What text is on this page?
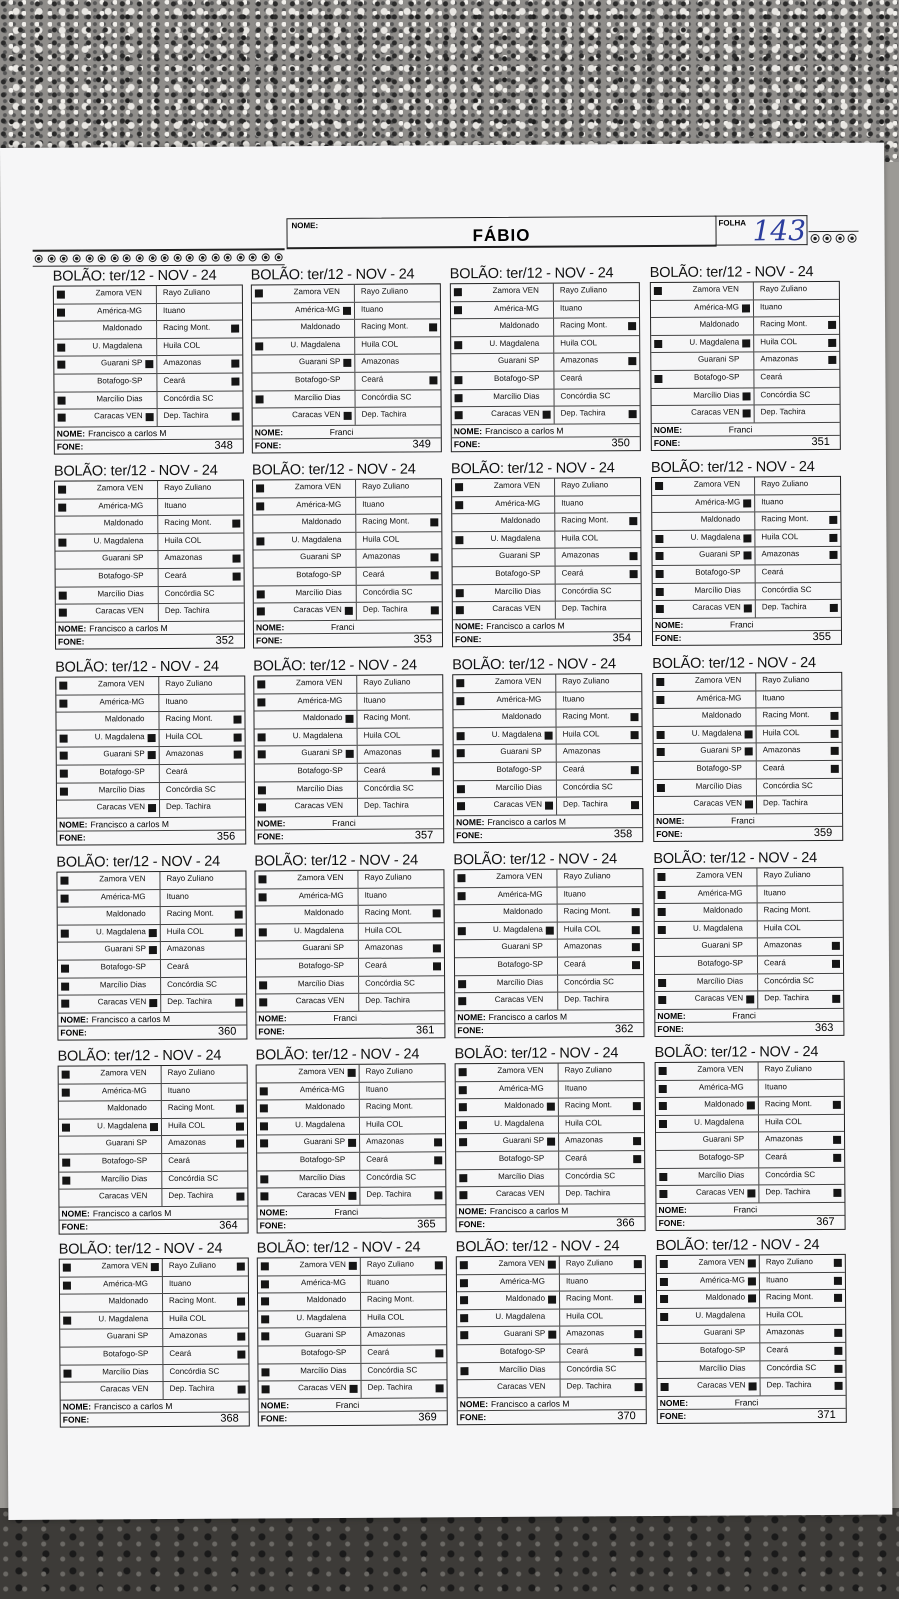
NOME:
FÁBIO
FOLHA 143
BOLÃO: ter/12 - NOV - 24
Zamora VEN	Rayo Zuliano
América-MG	Ituano
Maldonado	Racing Mont.
U. Magdalena	Huila COL
Guarani SP	Amazonas
Botafogo-SP	Ceará
Marcílio Dias	Concórdia SC
Caracas VEN	Dep. Tachira
NOME: Francisco a carlos M
FONE:	348
BOLÃO: ter/12 - NOV - 24
Zamora VEN	Rayo Zuliano
América-MG	Ituano
Maldonado	Racing Mont.
U. Magdalena	Huila COL
Guarani SP	Amazonas
Botafogo-SP	Ceará
Marcílio Dias	Concórdia SC
Caracas VEN	Dep. Tachira
NOME:	Franci
FONE:	349
BOLÃO: ter/12 - NOV - 24
Zamora VEN	Rayo Zuliano
América-MG	Ituano
Maldonado	Racing Mont.
U. Magdalena	Huila COL
Guarani SP	Amazonas
Botafogo-SP	Ceará
Marcílio Dias	Concórdia SC
Caracas VEN	Dep. Tachira
NOME: Francisco a carlos M
FONE:	350
BOLÃO: ter/12 - NOV - 24
Zamora VEN	Rayo Zuliano
América-MG	Ituano
Maldonado	Racing Mont.
U. Magdalena	Huila COL
Guarani SP	Amazonas
Botafogo-SP	Ceará
Marcílio Dias	Concórdia SC
Caracas VEN	Dep. Tachira
NOME:	Franci
FONE:	351
BOLÃO: ter/12 - NOV - 24
Zamora VEN	Rayo Zuliano
América-MG	Ituano
Maldonado	Racing Mont.
U. Magdalena	Huila COL
Guarani SP	Amazonas
Botafogo-SP	Ceará
Marcílio Dias	Concórdia SC
Caracas VEN	Dep. Tachira
NOME: Francisco a carlos M
FONE:	352
BOLÃO: ter/12 - NOV - 24
Zamora VEN	Rayo Zuliano
América-MG	Ituano
Maldonado	Racing Mont.
U. Magdalena	Huila COL
Guarani SP	Amazonas
Botafogo-SP	Ceará
Marcílio Dias	Concórdia SC
Caracas VEN	Dep. Tachira
NOME:	Franci
FONE:	353
BOLÃO: ter/12 - NOV - 24
Zamora VEN	Rayo Zuliano
América-MG	Ituano
Maldonado	Racing Mont.
U. Magdalena	Huila COL
Guarani SP	Amazonas
Botafogo-SP	Ceará
Marcílio Dias	Concórdia SC
Caracas VEN	Dep. Tachira
NOME: Francisco a carlos M
FONE:	354
BOLÃO: ter/12 - NOV - 24
Zamora VEN	Rayo Zuliano
América-MG	Ituano
Maldonado	Racing Mont.
U. Magdalena	Huila COL
Guarani SP	Amazonas
Botafogo-SP	Ceará
Marcílio Dias	Concórdia SC
Caracas VEN	Dep. Tachira
NOME:	Franci
FONE:	355
BOLÃO: ter/12 - NOV - 24
Zamora VEN	Rayo Zuliano
América-MG	Ituano
Maldonado	Racing Mont.
U. Magdalena	Huila COL
Guarani SP	Amazonas
Botafogo-SP	Ceará
Marcílio Dias	Concórdia SC
Caracas VEN	Dep. Tachira
NOME: Francisco a carlos M
FONE:	356
BOLÃO: ter/12 - NOV - 24
Zamora VEN	Rayo Zuliano
América-MG	Ituano
Maldonado	Racing Mont.
U. Magdalena	Huila COL
Guarani SP	Amazonas
Botafogo-SP	Ceará
Marcílio Dias	Concórdia SC
Caracas VEN	Dep. Tachira
NOME:	Franci
FONE:	357
BOLÃO: ter/12 - NOV - 24
Zamora VEN	Rayo Zuliano
América-MG	Ituano
Maldonado	Racing Mont.
U. Magdalena	Huila COL
Guarani SP	Amazonas
Botafogo-SP	Ceará
Marcílio Dias	Concórdia SC
Caracas VEN	Dep. Tachira
NOME: Francisco a carlos M
FONE:	358
BOLÃO: ter/12 - NOV - 24
Zamora VEN	Rayo Zuliano
América-MG	Ituano
Maldonado	Racing Mont.
U. Magdalena	Huila COL
Guarani SP	Amazonas
Botafogo-SP	Ceará
Marcílio Dias	Concórdia SC
Caracas VEN	Dep. Tachira
NOME:	Franci
FONE:	359
BOLÃO: ter/12 - NOV - 24
Zamora VEN	Rayo Zuliano
América-MG	Ituano
Maldonado	Racing Mont.
U. Magdalena	Huila COL
Guarani SP	Amazonas
Botafogo-SP	Ceará
Marcílio Dias	Concórdia SC
Caracas VEN	Dep. Tachira
NOME: Francisco a carlos M
FONE:	360
BOLÃO: ter/12 - NOV - 24
Zamora VEN	Rayo Zuliano
América-MG	Ituano
Maldonado	Racing Mont.
U. Magdalena	Huila COL
Guarani SP	Amazonas
Botafogo-SP	Ceará
Marcílio Dias	Concórdia SC
Caracas VEN	Dep. Tachira
NOME:	Franci
FONE:	361
BOLÃO: ter/12 - NOV - 24
Zamora VEN	Rayo Zuliano
América-MG	Ituano
Maldonado	Racing Mont.
U. Magdalena	Huila COL
Guarani SP	Amazonas
Botafogo-SP	Ceará
Marcílio Dias	Concórdia SC
Caracas VEN	Dep. Tachira
NOME: Francisco a carlos M
FONE:	362
BOLÃO: ter/12 - NOV - 24
Zamora VEN	Rayo Zuliano
América-MG	Ituano
Maldonado	Racing Mont.
U. Magdalena	Huila COL
Guarani SP	Amazonas
Botafogo-SP	Ceará
Marcílio Dias	Concórdia SC
Caracas VEN	Dep. Tachira
NOME:	Franci
FONE:	363
BOLÃO: ter/12 - NOV - 24
Zamora VEN	Rayo Zuliano
América-MG	Ituano
Maldonado	Racing Mont.
U. Magdalena	Huila COL
Guarani SP	Amazonas
Botafogo-SP	Ceará
Marcílio Dias	Concórdia SC
Caracas VEN	Dep. Tachira
NOME: Francisco a carlos M
FONE:	364
BOLÃO: ter/12 - NOV - 24
Zamora VEN	Rayo Zuliano
América-MG	Ituano
Maldonado	Racing Mont.
U. Magdalena	Huila COL
Guarani SP	Amazonas
Botafogo-SP	Ceará
Marcílio Dias	Concórdia SC
Caracas VEN	Dep. Tachira
NOME:	Franci
FONE:	365
BOLÃO: ter/12 - NOV - 24
Zamora VEN	Rayo Zuliano
América-MG	Ituano
Maldonado	Racing Mont.
U. Magdalena	Huila COL
Guarani SP	Amazonas
Botafogo-SP	Ceará
Marcílio Dias	Concórdia SC
Caracas VEN	Dep. Tachira
NOME: Francisco a carlos M
FONE:	366
BOLÃO: ter/12 - NOV - 24
Zamora VEN	Rayo Zuliano
América-MG	Ituano
Maldonado	Racing Mont.
U. Magdalena	Huila COL
Guarani SP	Amazonas
Botafogo-SP	Ceará
Marcílio Dias	Concórdia SC
Caracas VEN	Dep. Tachira
NOME:	Franci
FONE:	367
BOLÃO: ter/12 - NOV - 24
Zamora VEN	Rayo Zuliano
América-MG	Ituano
Maldonado	Racing Mont.
U. Magdalena	Huila COL
Guarani SP	Amazonas
Botafogo-SP	Ceará
Marcílio Dias	Concórdia SC
Caracas VEN	Dep. Tachira
NOME: Francisco a carlos M
FONE:	368
BOLÃO: ter/12 - NOV - 24
Zamora VEN	Rayo Zuliano
América-MG	Ituano
Maldonado	Racing Mont.
U. Magdalena	Huila COL
Guarani SP	Amazonas
Botafogo-SP	Ceará
Marcílio Dias	Concórdia SC
Caracas VEN	Dep. Tachira
NOME:	Franci
FONE:	369
BOLÃO: ter/12 - NOV - 24
Zamora VEN	Rayo Zuliano
América-MG	Ituano
Maldonado	Racing Mont.
U. Magdalena	Huila COL
Guarani SP	Amazonas
Botafogo-SP	Ceará
Marcílio Dias	Concórdia SC
Caracas VEN	Dep. Tachira
NOME: Francisco a carlos M
FONE:	370
BOLÃO: ter/12 - NOV - 24
Zamora VEN	Rayo Zuliano
América-MG	Ituano
Maldonado	Racing Mont.
U. Magdalena	Huila COL
Guarani SP	Amazonas
Botafogo-SP	Ceará
Marcílio Dias	Concórdia SC
Caracas VEN	Dep. Tachira
NOME:	Franci
FONE:	371
